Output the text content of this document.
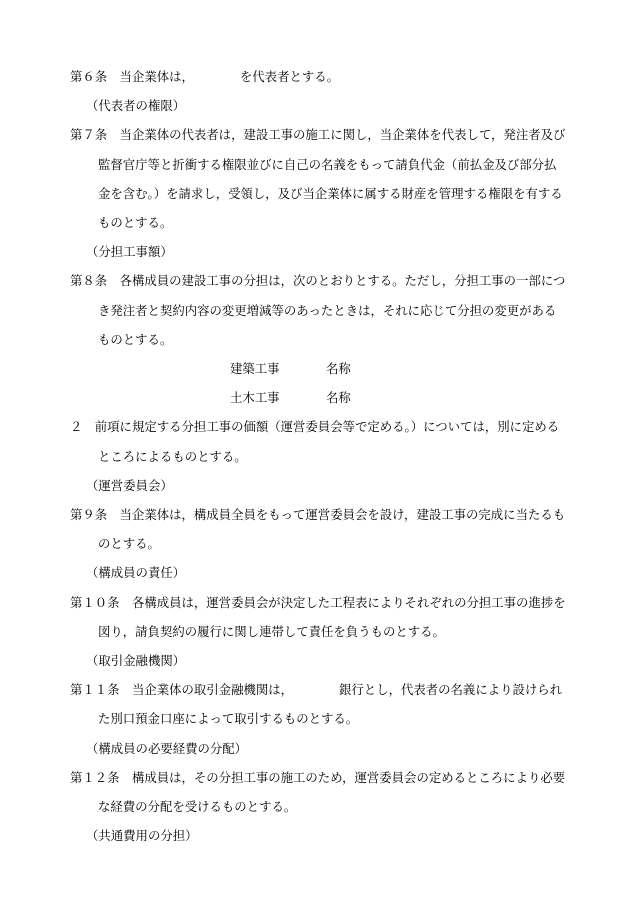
第６条　当企業体は，	を代表者とする。

（代表者の権限）

第７条　当企業体の代表者は，建設工事の施工に関し，当企業体を代表して，発注者及び監督官庁等と折衝する権限並びに自己の名義をもって請負代金（前払金及び部分払金を含む。）を請求し，受領し，及び当企業体に属する財産を管理する権限を有するものとする。

（分担工事額）

第８条　各構成員の建設工事の分担は，次のとおりとする。ただし，分担工事の一部につき発注者と契約内容の変更増減等のあったときは，それに応じて分担の変更があるものとする。

建築工事	名称

土木工事	名称

２　前項に規定する分担工事の価額（運営委員会等で定める。）については，別に定めるところによるものとする。

（運営委員会）

第９条　当企業体は，構成員全員をもって運営委員会を設け，建設工事の完成に当たるものとする。

（構成員の責任）

第１０条　各構成員は，運営委員会が決定した工程表によりそれぞれの分担工事の進捗を図り，請負契約の履行に関し連帯して責任を負うものとする。

（取引金融機関）

第１１条　当企業体の取引金融機関は，	銀行とし，代表者の名義により設けられた別口預金口座によって取引するものとする。

（構成員の必要経費の分配）

第１２条　構成員は，その分担工事の施工のため，運営委員会の定めるところにより必要な経費の分配を受けるものとする。

（共通費用の分担）
